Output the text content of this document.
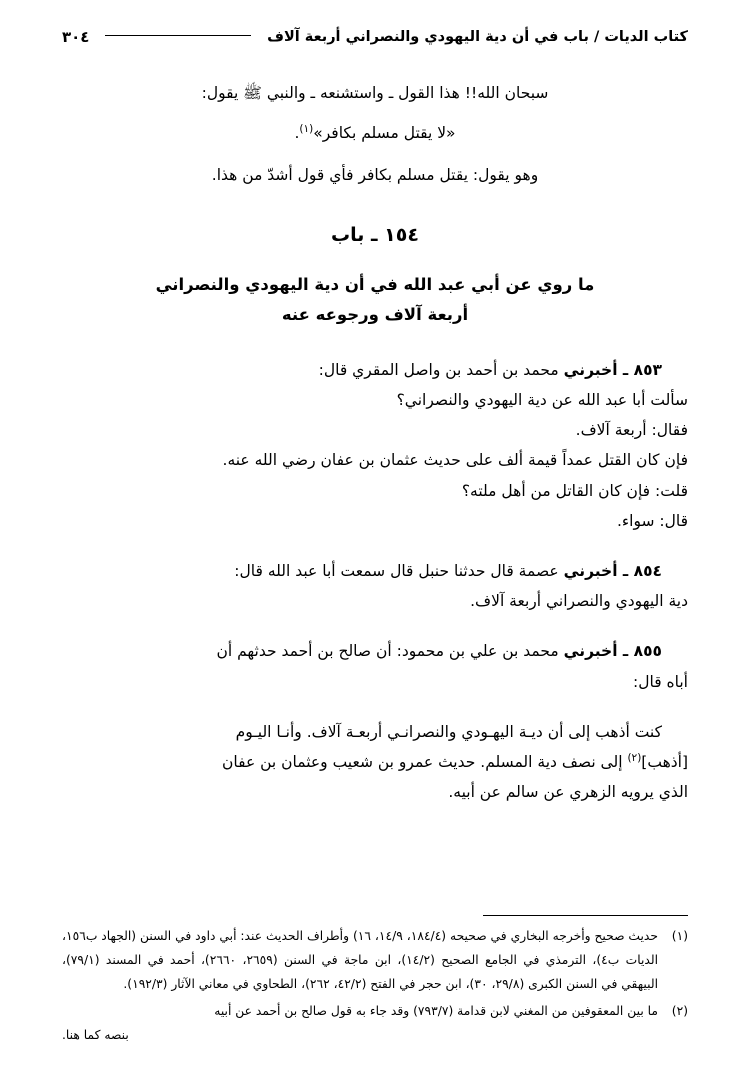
كتاب الديات / باب في أن دية اليهودي والنصراني أربعة آلاف
٣٠٤

سبحان الله!! هذا القول ـ واستشنعه ـ والنبي ﷺ يقول:

«لا يقتل مسلم بكافر»$^{(١)}$.

وهو يقول: يقتل مسلم بكافر فأي قول أشدّ من هذا.

١٥٤ ـ باب
ما روي عن أبي عبد الله في أن دية اليهودي والنصراني
أربعة آلاف ورجوعه عنه

٨٥٣ ـ أخبرني محمد بن أحمد بن واصل المقري قال:

سألت أبا عبد الله عن دية اليهودي والنصراني؟

فقال: أربعة آلاف.

فإن كان القتل عمداً قيمة ألف على حديث عثمان بن عفان رضي الله عنه.

قلت: فإن كان القاتل من أهل ملته؟

قال: سواء.

٨٥٤ ـ أخبرني عصمة قال حدثنا حنبل قال سمعت أبا عبد الله قال:

دية اليهودي والنصراني أربعة آلاف.

٨٥٥ ـ أخبرني محمد بن علي بن محمود: أن صالح بن أحمد حدثهم أن

أباه قال:

كنت أذهب إلى أن ديـة اليهـودي والنصرانـي أربعـة آلاف. وأنـا اليـوم

[أذهب]$^{(٢)}$ إلى نصف دية المسلم. حديث عمرو بن شعيب وعثمان بن عفان

الذي يرويه الزهري عن سالم عن أبيه.

(١)
حديث صحيح وأخرجه البخاري في صحيحه (١٨٤/٤، ١٤/٩، ١٦) وأطراف الحديث عند: أبي داود في السنن (الجهاد ب١٥٦، الديات ب٤)، الترمذي في الجامع الصحيح (١٤/٢)، ابن ماجة في السنن (٢٦٥٩، ٢٦٦٠)، أحمد في المسند (٧٩/١)، البيهقي في السنن الكبرى (٢٩/٨، ٣٠)، ابن حجر في الفتح (٤٢/٢، ٢٦٢)، الطحاوي في معاني الآثار (١٩٢/٣).
(٢)
ما بين المعقوفين من المغني لابن قدامة (٧٩٣/٧) وقد جاء به قول صالح بن أحمد عن أبيه
بنصه كما هنا.
